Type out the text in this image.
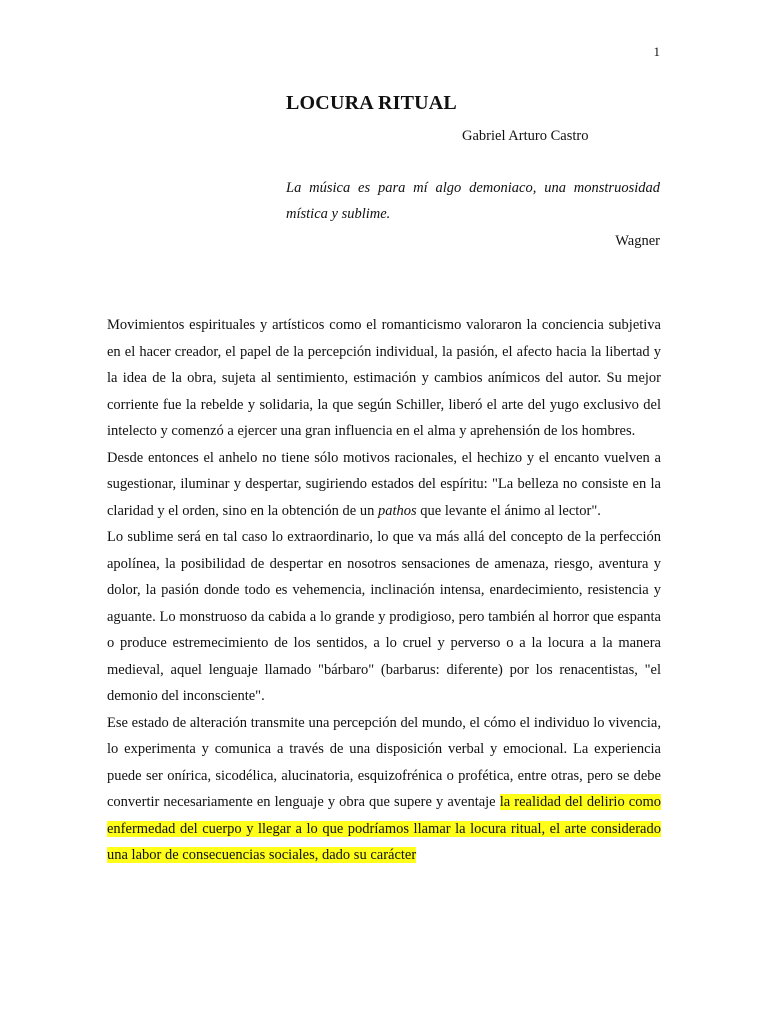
1
LOCURA RITUAL
Gabriel Arturo Castro

La música es para mí algo demoniaco, una monstruosidad mística y sublime.

Wagner

Movimientos espirituales y artísticos como el romanticismo valoraron la conciencia subjetiva en el hacer creador, el papel de la percepción individual, la pasión, el afecto hacia la libertad y la idea de la obra, sujeta al sentimiento, estimación y cambios anímicos del autor. Su mejor corriente fue la rebelde y solidaria, la que según Schiller, liberó el arte del yugo exclusivo del intelecto y comenzó a ejercer una gran influencia en el alma y aprehensión de los hombres.

Desde entonces el anhelo no tiene sólo motivos racionales, el hechizo y el encanto vuelven a sugestionar, iluminar y despertar, sugiriendo estados del espíritu: "La belleza no consiste en la claridad y el orden, sino en la obtención de un pathos que levante el ánimo al lector".

Lo sublime será en tal caso lo extraordinario, lo que va más allá del concepto de la perfección apolínea, la posibilidad de despertar en nosotros sensaciones de amenaza, riesgo, aventura y dolor, la pasión donde todo es vehemencia, inclinación intensa, enardecimiento, resistencia y aguante. Lo monstruoso da cabida a lo grande y prodigioso, pero también al horror que espanta o produce estremecimiento de los sentidos, a lo cruel y perverso o a la locura a la manera medieval, aquel lenguaje llamado "bárbaro" (barbarus: diferente) por los renacentistas, "el demonio del inconsciente".

Ese estado de alteración transmite una percepción del mundo, el cómo el individuo lo vivencia, lo experimenta y comunica a través de una disposición verbal y emocional. La experiencia puede ser onírica, sicodélica, alucinatoria, esquizofrénica o profética, entre otras, pero se debe convertir necesariamente en lenguaje y obra que supere y aventaje la realidad del delirio como enfermedad del cuerpo y llegar a lo que podríamos llamar la locura ritual, el arte considerado una labor de consecuencias sociales, dado su carácter
